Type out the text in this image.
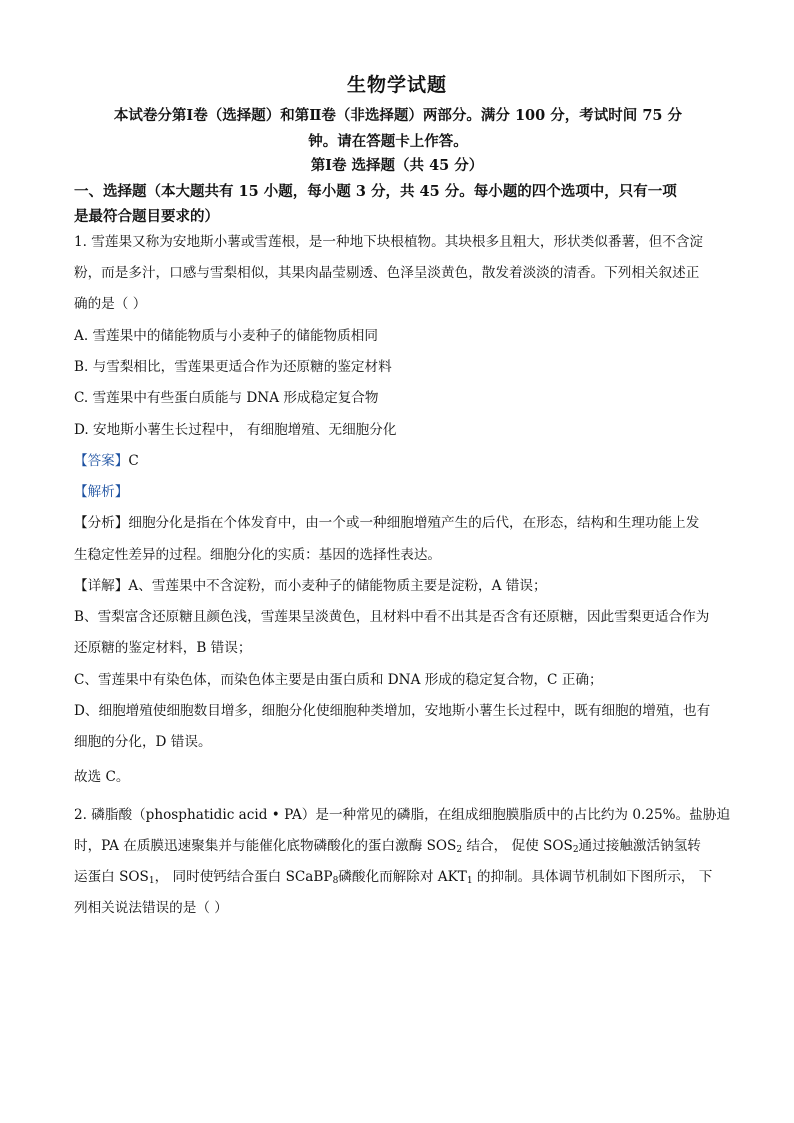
生物学试题
本试卷分第Ⅰ卷（选择题）和第Ⅱ卷（非选择题）两部分。满分 100 分，考试时间 75 分
钟。请在答题卡上作答。
第Ⅰ卷 选择题（共 45 分）
一、选择题（本大题共有 15 小题，每小题 3 分，共 45 分。每小题的四个选项中，只有一项
是最符合题目要求的）
1. 雪莲果又称为安地斯小薯或雪莲根，是一种地下块根植物。其块根多且粗大，形状类似番薯，但不含淀
粉，而是多汁，口感与雪梨相似，其果肉晶莹剔透、色泽呈淡黄色，散发着淡淡的清香。下列相关叙述正
确的是（ ）
A. 雪莲果中的储能物质与小麦种子的储能物质相同
B. 与雪梨相比，雪莲果更适合作为还原糖的鉴定材料
C. 雪莲果中有些蛋白质能与 DNA 形成稳定复合物
D. 安地斯小薯生长过程中， 有细胞增殖、无细胞分化
【答案】C
【解析】
【分析】细胞分化是指在个体发育中，由一个或一种细胞增殖产生的后代，在形态，结构和生理功能上发
生稳定性差异的过程。细胞分化的实质：基因的选择性表达。
【详解】A、雪莲果中不含淀粉，而小麦种子的储能物质主要是淀粉，A 错误；
B、雪梨富含还原糖且颜色浅，雪莲果呈淡黄色，且材料中看不出其是否含有还原糖，因此雪梨更适合作为
还原糖的鉴定材料，B 错误；
C、雪莲果中有染色体，而染色体主要是由蛋白质和 DNA 形成的稳定复合物，C 正确；
D、细胞增殖使细胞数目增多，细胞分化使细胞种类增加，安地斯小薯生长过程中，既有细胞的增殖，也有
细胞的分化，D 错误。
故选 C。
2. 磷脂酸（phosphatidic acid • PA）是一种常见的磷脂，在组成细胞膜脂质中的占比约为 0.25%。盐胁迫
时，PA 在质膜迅速聚集并与能催化底物磷酸化的蛋白激酶 $SOS_2$ 结合， 促使 $SOS_2$通过接触激活钠氢转
运蛋白 $SOS_1$， 同时使钙结合蛋白 SCaBP$_8$磷酸化而解除对 $AKT_1$ 的抑制。具体调节机制如下图所示， 下
列相关说法错误的是（ ）
